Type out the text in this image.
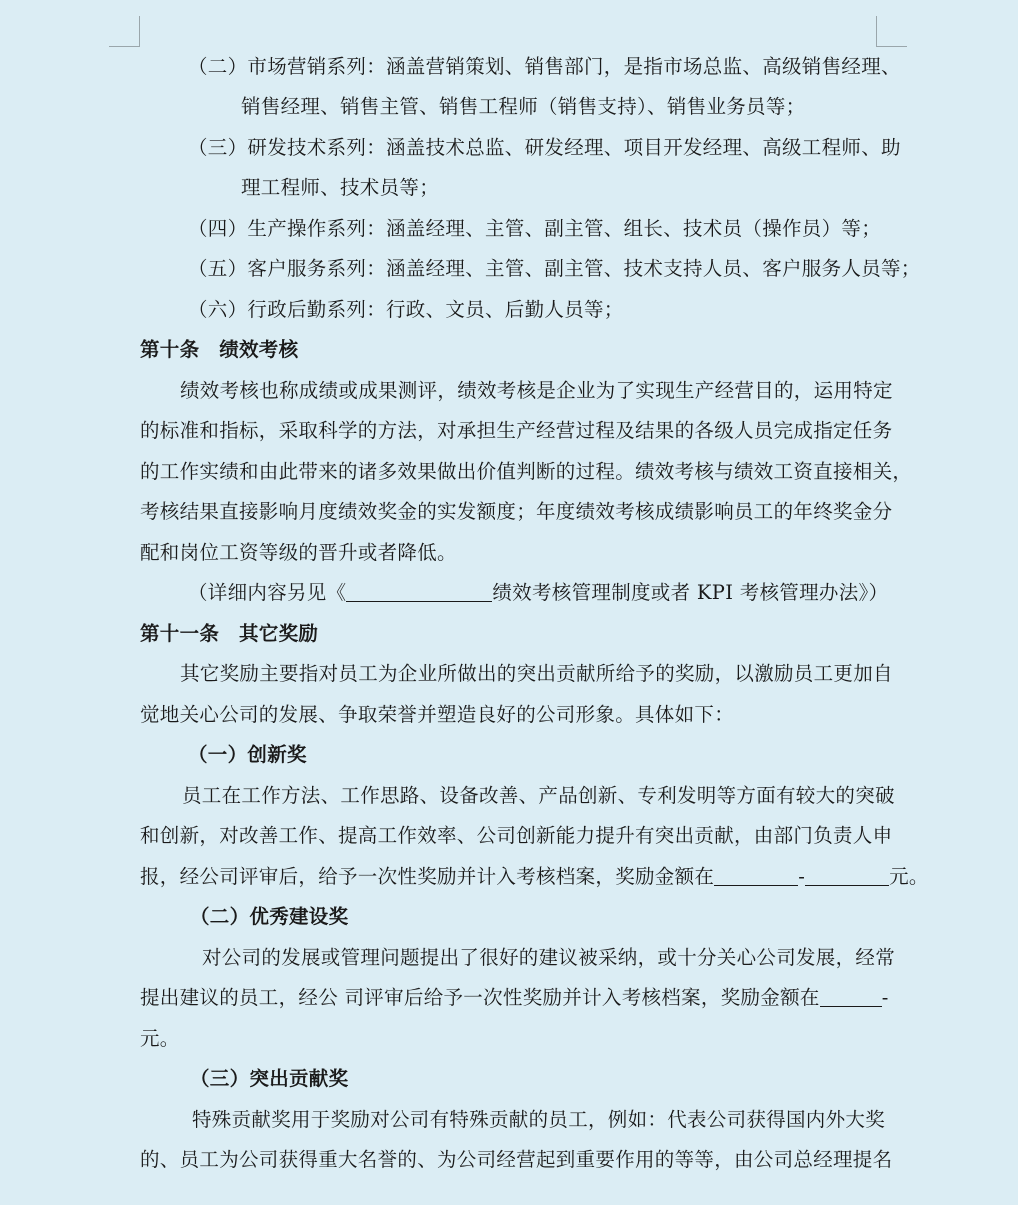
（二）市场营销系列：涵盖营销策划、销售部门，是指市场总监、高级销售经理、
销售经理、销售主管、销售工程师（销售支持）、销售业务员等；
（三）研发技术系列：涵盖技术总监、研发经理、项目开发经理、高级工程师、助
理工程师、技术员等；
（四）生产操作系列：涵盖经理、主管、副主管、组长、技术员（操作员）等；
（五）客户服务系列：涵盖经理、主管、副主管、技术支持人员、客户服务人员等；
（六）行政后勤系列：行政、文员、后勤人员等；
第十条　绩效考核
绩效考核也称成绩或成果测评，绩效考核是企业为了实现生产经营目的，运用特定
的标准和指标，采取科学的方法，对承担生产经营过程及结果的各级人员完成指定任务
的工作实绩和由此带来的诸多效果做出价值判断的过程。绩效考核与绩效工资直接相关，
考核结果直接影响月度绩效奖金的实发额度；年度绩效考核成绩影响员工的年终奖金分
配和岗位工资等级的晋升或者降低。
（详细内容另见《	绩效考核管理制度或者 KPI 考核管理办法》）
第十一条　其它奖励
其它奖励主要指对员工为企业所做出的突出贡献所给予的奖励，以激励员工更加自
觉地关心公司的发展、争取荣誉并塑造良好的公司形象。具体如下：
（一）创新奖
员工在工作方法、工作思路、设备改善、产品创新、专利发明等方面有较大的突破
和创新，对改善工作、提高工作效率、公司创新能力提升有突出贡献，由部门负责人申
报，经公司评审后，给予一次性奖励并计入考核档案，奖励金额在	-	元。
（二）优秀建设奖
对公司的发展或管理问题提出了很好的建议被采纳，或十分关心公司发展，经常
提出建议的员工，经公 司评审后给予一次性奖励并计入考核档案，奖励金额在	-
元。
（三）突出贡献奖
特殊贡献奖用于奖励对公司有特殊贡献的员工，例如：代表公司获得国内外大奖
的、员工为公司获得重大名誉的、为公司经营起到重要作用的等等，由公司总经理提名
